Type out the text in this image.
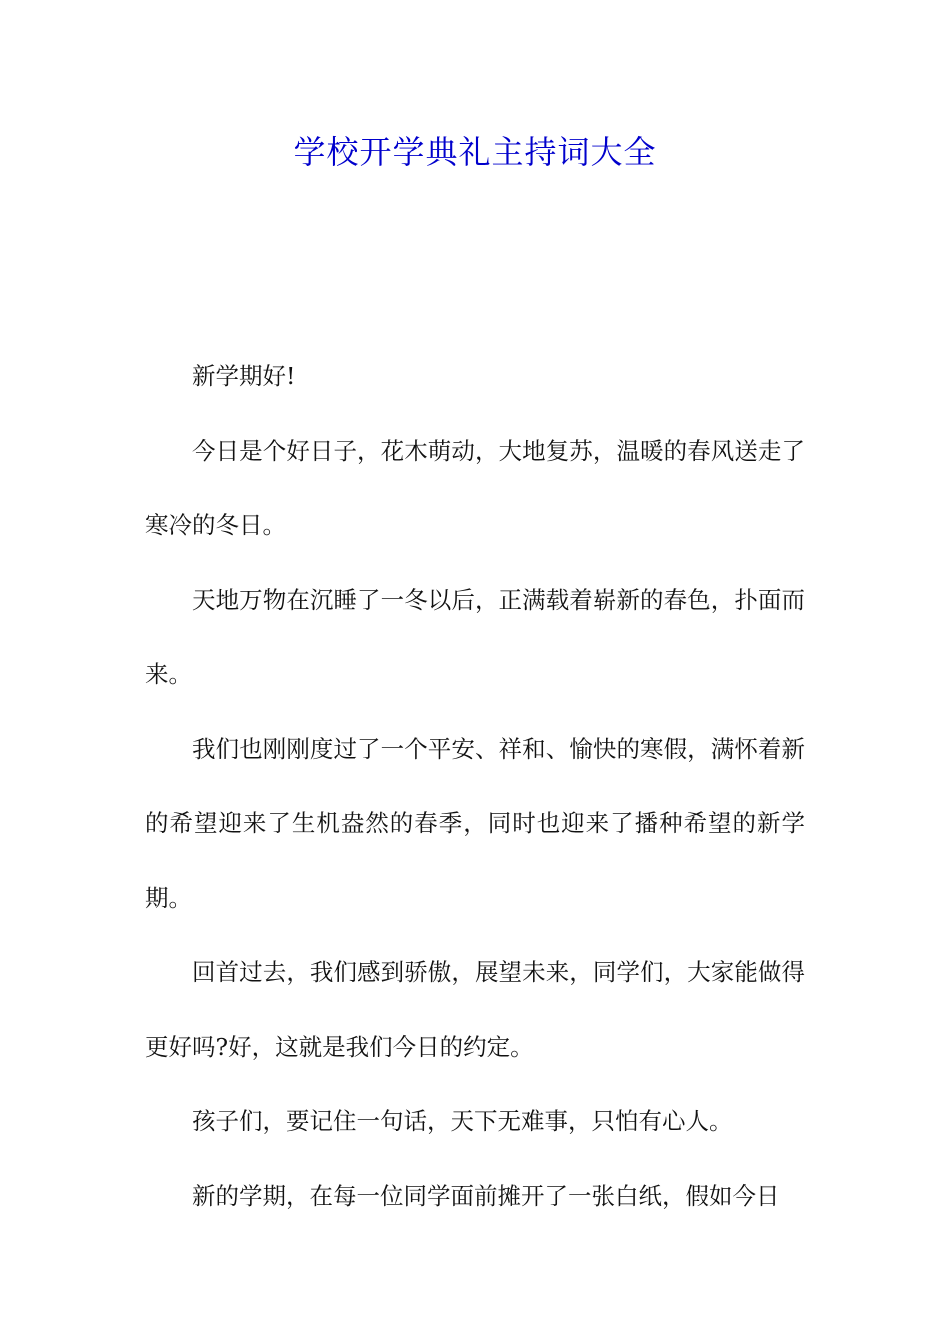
学校开学典礼主持词大全

新学期好!

今日是个好日子，花木萌动，大地复苏，温暖的春风送走了寒冷的冬日。

天地万物在沉睡了一冬以后，正满载着崭新的春色，扑面而来。

我们也刚刚度过了一个平安、祥和、愉快的寒假，满怀着新的希望迎来了生机盎然的春季，同时也迎来了播种希望的新学期。

回首过去，我们感到骄傲，展望未来，同学们，大家能做得更好吗?好，这就是我们今日的约定。

孩子们，要记住一句话，天下无难事，只怕有心人。

新的学期，在每一位同学面前摊开了一张白纸，假如今日
